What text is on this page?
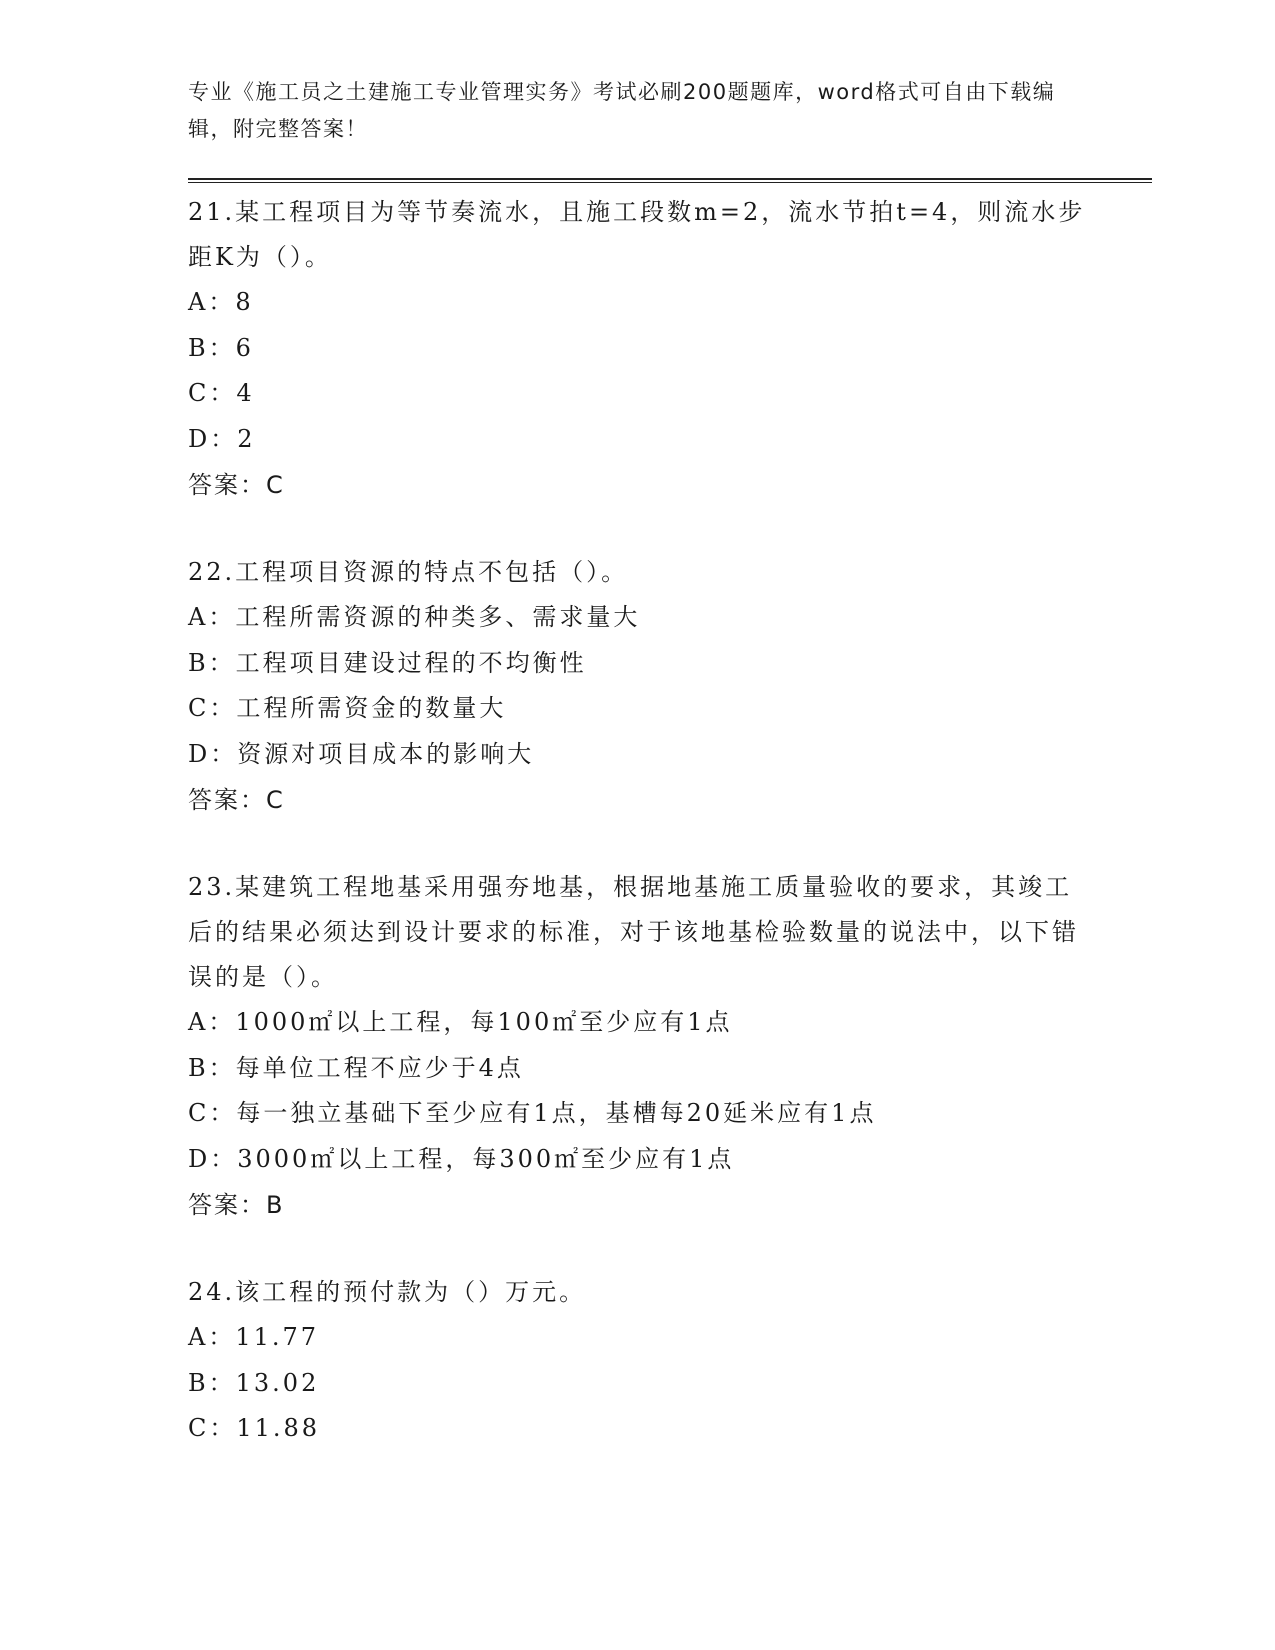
专业《施工员之土建施工专业管理实务》考试必刷200题题库，word格式可自由下载编辑，附完整答案！

21.某工程项目为等节奏流水，且施工段数m=2，流水节拍t=4，则流水步距K为（）。

A：8

B：6

C：4

D：2

答案：C

22.工程项目资源的特点不包括（）。

A：工程所需资源的种类多、需求量大

B：工程项目建设过程的不均衡性

C：工程所需资金的数量大

D：资源对项目成本的影响大

答案：C

23.某建筑工程地基采用强夯地基，根据地基施工质量验收的要求，其竣工后的结果必须达到设计要求的标准，对于该地基检验数量的说法中，以下错误的是（）。

A：1000㎡以上工程，每100㎡至少应有1点

B：每单位工程不应少于4点

C：每一独立基础下至少应有1点，基槽每20延米应有1点

D：3000㎡以上工程，每300㎡至少应有1点

答案：B

24.该工程的预付款为（）万元。

A：11.77

B：13.02

C：11.88
